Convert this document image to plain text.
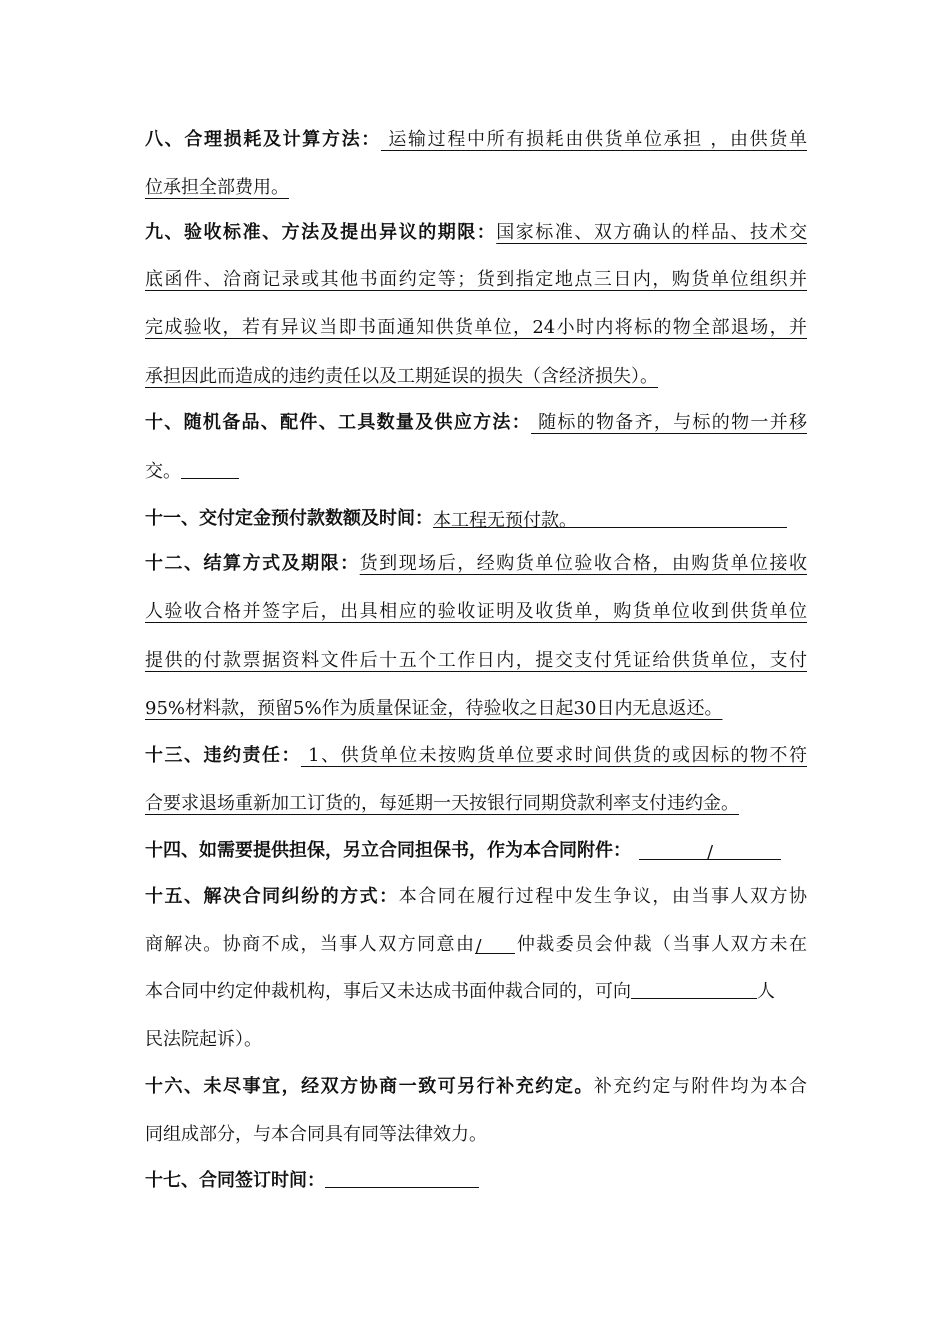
八、合理损耗及计算方法： 运输过程中所有损耗由供货单位承担 ，由供货单
位承担全部费用。
九、验收标准、方法及提出异议的期限：国家标准、双方确认的样品、技术交
底函件、洽商记录或其他书面约定等；货到指定地点三日内，购货单位组织并
完成验收，若有异议当即书面通知供货单位，24小时内将标的物全部退场，并
承担因此而造成的违约责任以及工期延误的损失（含经济损失）。
十、随机备品、配件、工具数量及供应方法： 随标的物备齐，与标的物一并移
交。
十一、交付定金预付款数额及时间：本工程无预付款。
十二、结算方式及期限：货到现场后，经购货单位验收合格，由购货单位接收
人验收合格并签字后，出具相应的验收证明及收货单，购货单位收到供货单位
提供的付款票据资料文件后十五个工作日内，提交支付凭证给供货单位，支付
95%材料款，预留5%作为质量保证金，待验收之日起30日内无息返还。
十三、违约责任： 1、供货单位未按购货单位要求时间供货的或因标的物不符
合要求退场重新加工订货的，每延期一天按银行同期贷款利率支付违约金。
十四、如需要提供担保，另立合同担保书，作为本合同附件：	/
十五、解决合同纠纷的方式：本合同在履行过程中发生争议，由当事人双方协
商解决。协商不成，当事人双方同意由/ 仲裁委员会仲裁（当事人双方未在
本合同中约定仲裁机构，事后又未达成书面仲裁合同的，可向	人
民法院起诉）。
十六、未尽事宜，经双方协商一致可另行补充约定。补充约定与附件均为本合
同组成部分，与本合同具有同等法律效力。
十七、合同签订时间：
